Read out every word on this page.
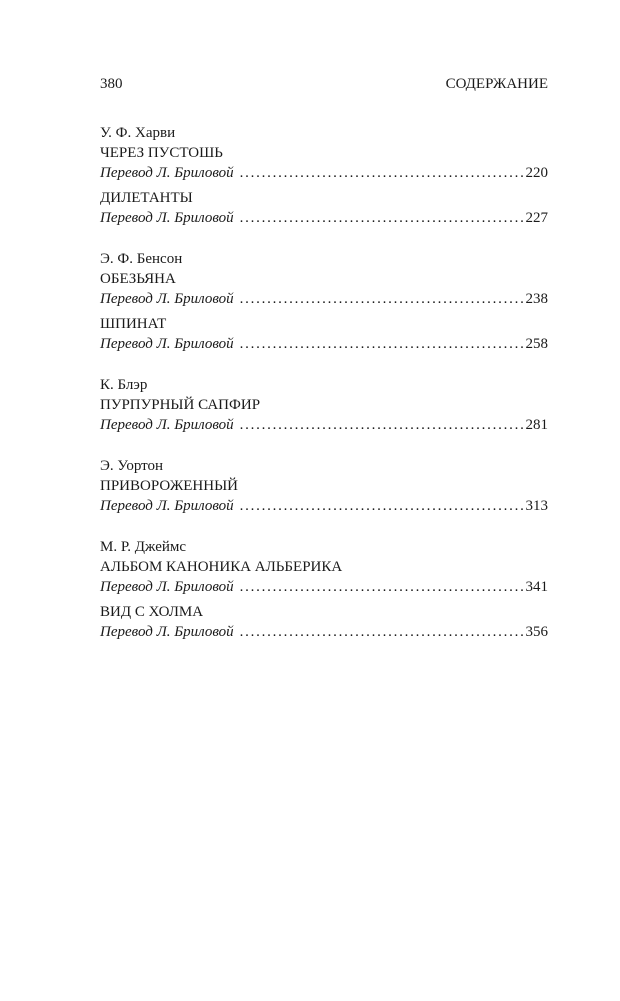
380	СОДЕРЖАНИЕ
У. Ф. Харви
ЧЕРЕЗ ПУСТОШЬ
Перевод Л. Бриловой . . .	220
ДИЛЕТАНТЫ
Перевод Л. Бриловой . . .	227
Э. Ф. Бенсон
ОБЕЗЬЯНА
Перевод Л. Бриловой . . .	238
ШПИНАТ
Перевод Л. Бриловой . . .	258
К. Блэр
ПУРПУРНЫЙ САПФИР
Перевод Л. Бриловой . . .	281
Э. Уортон
ПРИВОРОЖЕННЫЙ
Перевод Л. Бриловой . . .	313
М. Р. Джеймс
АЛЬБОМ КАНОНИКА АЛЬБЕРИКА
Перевод Л. Бриловой . . .	341
ВИД С ХОЛМА
Перевод Л. Бриловой . . .	356
